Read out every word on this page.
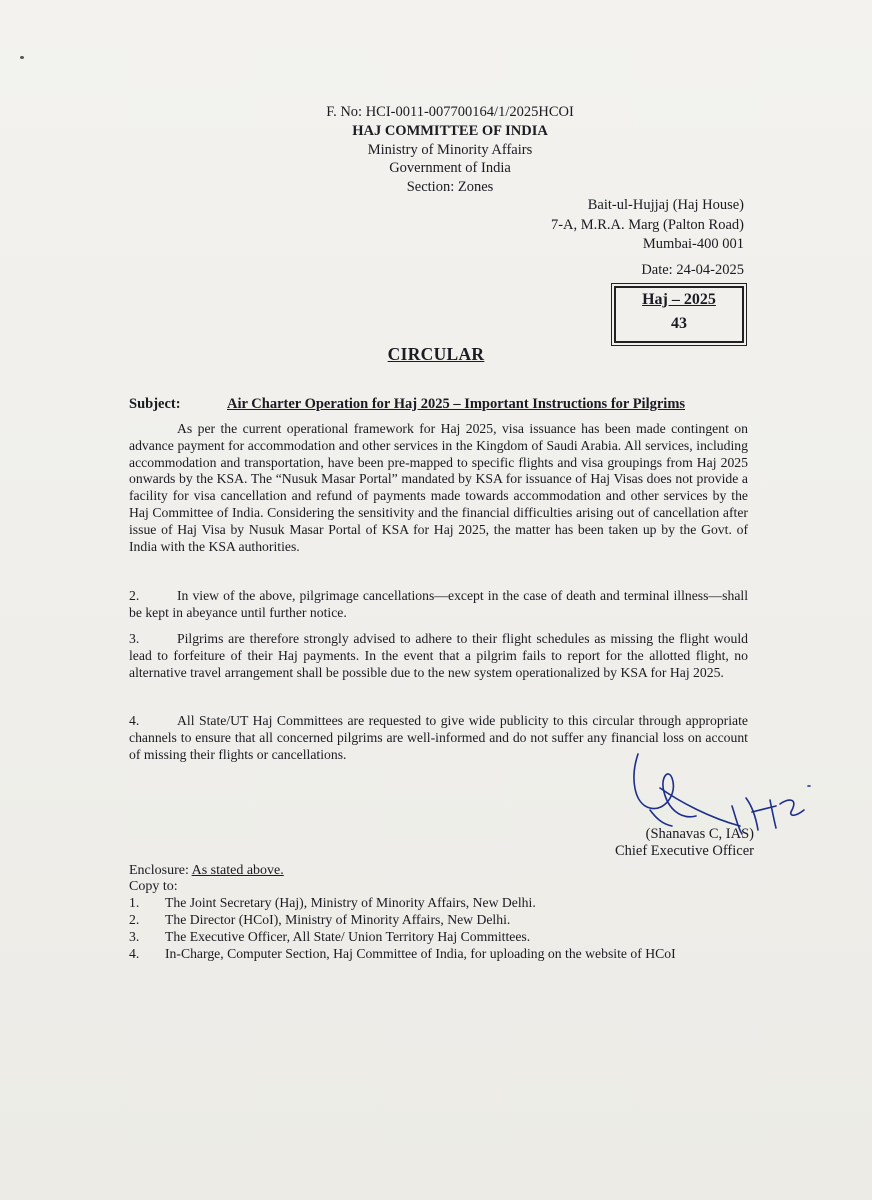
F. No: HCI-0011-007700164/1/2025HCOI
HAJ COMMITTEE OF INDIA
Ministry of Minority Affairs
Government of India
Section: Zones
Bait-ul-Hujjaj (Haj House)
7-A, M.R.A. Marg (Palton Road)
Mumbai-400 001
Date: 24-04-2025
Haj – 2025
43
CIRCULAR
Subject:	Air Charter Operation for Haj 2025 – Important Instructions for Pilgrims
As per the current operational framework for Haj 2025, visa issuance has been made contingent on advance payment for accommodation and other services in the Kingdom of Saudi Arabia. All services, including accommodation and transportation, have been pre-mapped to specific flights and visa groupings from Haj 2025 onwards by the KSA. The “Nusuk Masar Portal” mandated by KSA for issuance of Haj Visas does not provide a facility for visa cancellation and refund of payments made towards accommodation and other services by the Haj Committee of India. Considering the sensitivity and the financial difficulties arising out of cancellation after issue of Haj Visa by Nusuk Masar Portal of KSA for Haj 2025, the matter has been taken up by the Govt. of India with the KSA authorities.
2.	In view of the above, pilgrimage cancellations—except in the case of death and terminal illness—shall be kept in abeyance until further notice.
3.	Pilgrims are therefore strongly advised to adhere to their flight schedules as missing the flight would lead to forfeiture of their Haj payments. In the event that a pilgrim fails to report for the allotted flight, no alternative travel arrangement shall be possible due to the new system operationalized by KSA for Haj 2025.
4.	All State/UT Haj Committees are requested to give wide publicity to this circular through appropriate channels to ensure that all concerned pilgrims are well-informed and do not suffer any financial loss on account of missing their flights or cancellations.
(Shanavas C, IAS)
Chief Executive Officer
Enclosure: As stated above.
Copy to:
1. The Joint Secretary (Haj), Ministry of Minority Affairs, New Delhi.
2. The Director (HCoI), Ministry of Minority Affairs, New Delhi.
3. The Executive Officer, All State/ Union Territory Haj Committees.
4. In-Charge, Computer Section, Haj Committee of India, for uploading on the website of HCoI
